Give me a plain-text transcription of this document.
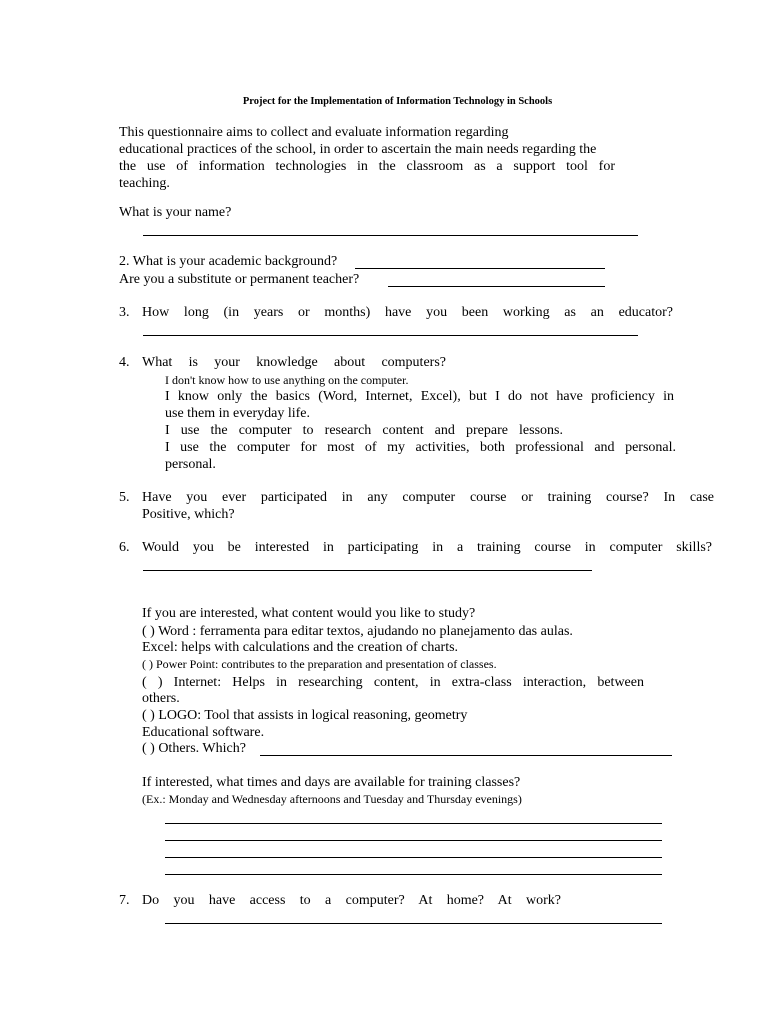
Project for the Implementation of Information Technology in Schools
This questionnaire aims to collect and evaluate information regarding
educational practices of the school, in order to ascertain the main needs regarding the
the use of information technologies in the classroom as a support tool for
teaching.
What is your name?
2. What is your academic background?
Are you a substitute or permanent teacher?
3. How long (in years or months) have you been working as an educator?
4. What is your knowledge about computers?
I don't know how to use anything on the computer.
I know only the basics (Word, Internet, Excel), but I do not have proficiency in
use them in everyday life.
I use the computer to research content and prepare lessons.
I use the computer for most of my activities, both professional and personal.
personal.
5. Have you ever participated in any computer course or training course? In case
Positive, which?
6. Would you be interested in participating in a training course in computer skills?
If you are interested, what content would you like to study?
( ) Word : ferramenta para editar textos, ajudando no planejamento das aulas.
Excel: helps with calculations and the creation of charts.
( ) Power Point: contributes to the preparation and presentation of classes.
( ) Internet: Helps in researching content, in extra-class interaction, between
others.
( ) LOGO: Tool that assists in logical reasoning, geometry
Educational software.
( ) Others. Which?
If interested, what times and days are available for training classes?
(Ex.: Monday and Wednesday afternoons and Tuesday and Thursday evenings)
7. Do you have access to a computer? At home? At work?
